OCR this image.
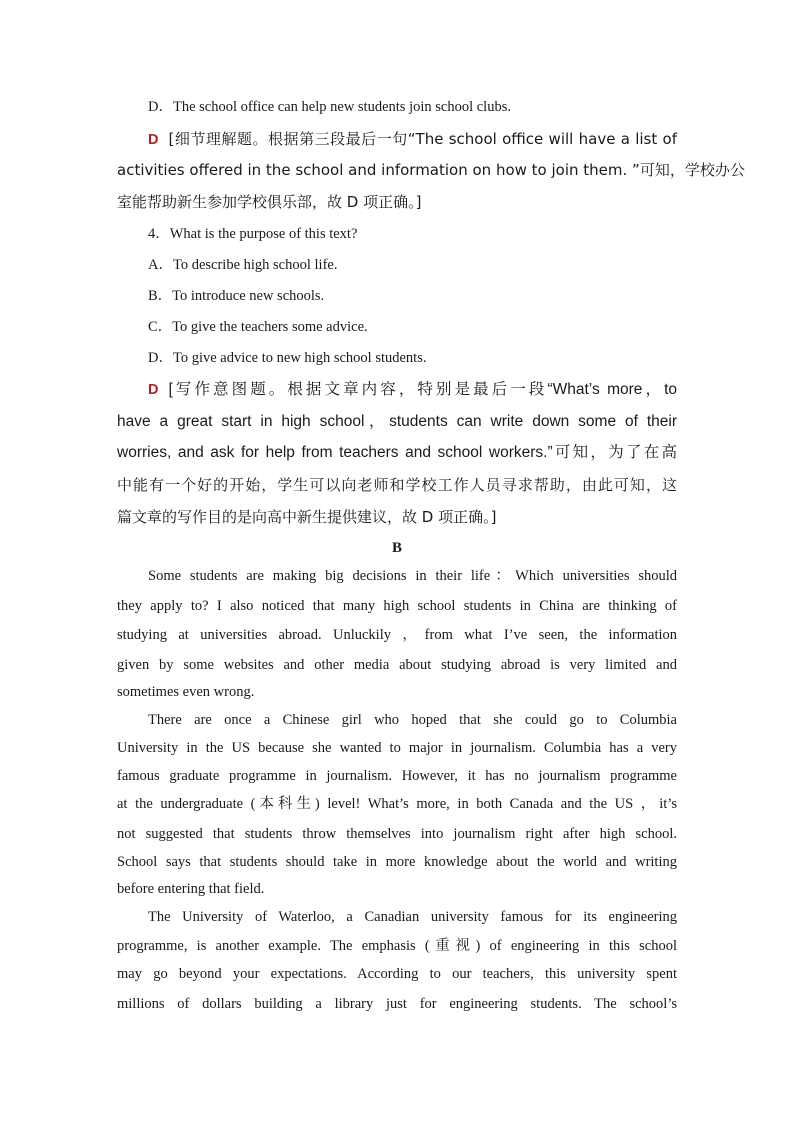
D．The school office can help new students join school clubs.
D [细节理解题。根据第三段最后一句“The school office will have a list of
activities offered in the school and information on how to join them. ”可知，学校办公
室能帮助新生参加学校俱乐部，故 D 项正确。]
4．What is the purpose of this text?
A．To describe high school life.
B．To introduce new schools.
C．To give the teachers some advice.
D．To give advice to new high school students.
D [写作意图题。根据文章内容，特别是最后一段“What’s more，to
have a great start in high school，students can write down some of their
worries, and ask for help from teachers and school workers.”可知，为了在高
中能有一个好的开始，学生可以向老师和学校工作人员寻求帮助，由此可知，这
篇文章的写作目的是向高中新生提供建议，故 D 项正确。]
B
Some students are making big decisions in their life：Which universities should
they apply to? I also noticed that many high school students in China are thinking of
studying at universities abroad. Unluckily ，from what I’ve seen, the information
given by some websites and other media about studying abroad is very limited and
sometimes even wrong.
There are once a Chinese girl who hoped that she could go to Columbia
University in the US because she wanted to major in journalism. Columbia has a very
famous graduate programme in journalism. However, it has no journalism programme
at the undergraduate (本科生) level! What’s more, in both Canada and the US ，it’s
not suggested that students throw themselves into journalism right after high school.
School says that students should take in more knowledge about the world and writing
before entering that field.
The University of Waterloo, a Canadian university famous for its engineering
programme, is another example. The emphasis (重视) of engineering in this school
may go beyond your expectations. According to our teachers, this university spent
millions of dollars building a library just for engineering students. The school’s
